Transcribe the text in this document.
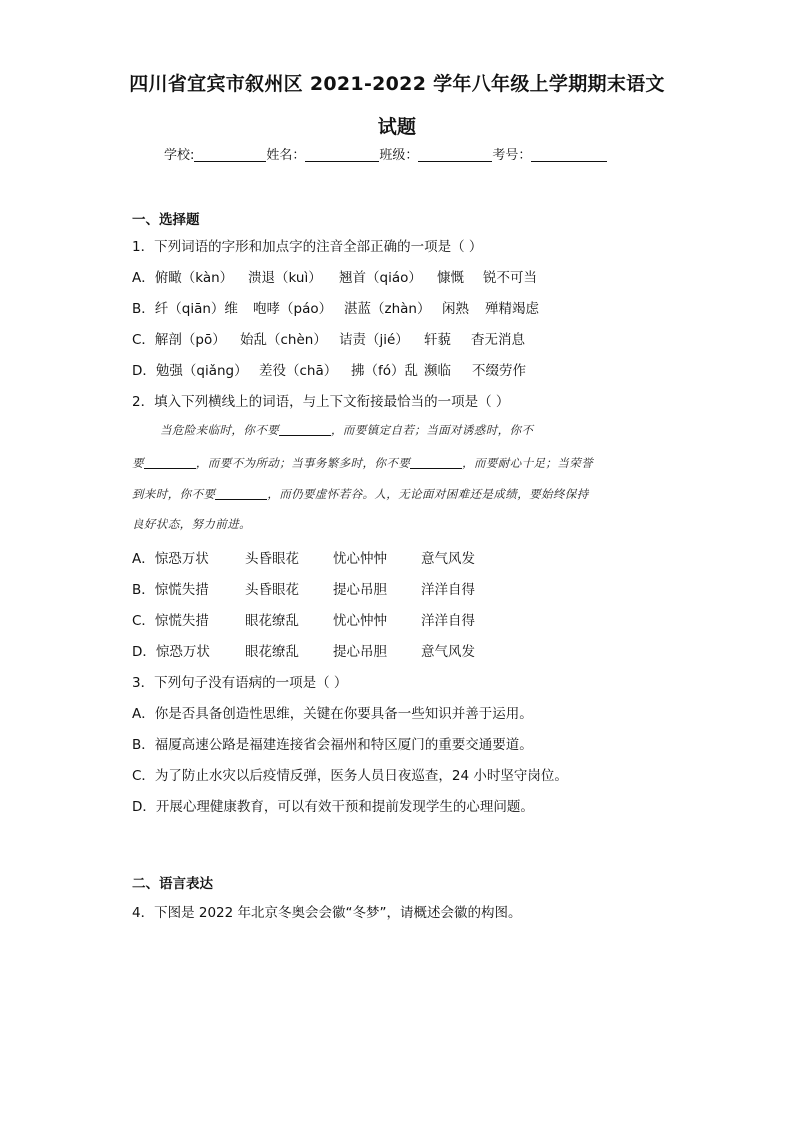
四川省宜宾市叙州区 2021-2022 学年八年级上学期期末语文
试题
学校:	姓名：	班级：	考号：
一、选择题
1．下列词语的字形和加点字的注音全部正确的一项是（ ）
A．俯瞰（kàn） 溃退（kuì） 翘首（qiáo） 慷慨 锐不可当
B．纤（qiān）维 咆哮（páo） 湛蓝（zhàn） 闲熟 殚精竭虑
C．解剖（pō） 始乱（chèn） 诘责（jié） 轩藐 杳无消息
D．勉强（qiǎng） 差役（chā） 拂（fó）乱 濒临 不缀劳作
2．填入下列横线上的词语，与上下文衔接最恰当的一项是（ ）
当危险来临时，你不要	，而要镇定自若；当面对诱惑时，你不
要	，而要不为所动；当事务繁多时，你不要	，而要耐心十足；当荣誉
到来时，你不要	，而仍要虚怀若谷。人，无论面对困难还是成绩，要始终保持
良好状态，努力前进。
A．惊恐万状	头昏眼花	忧心忡忡	意气风发
B．惊慌失措	头昏眼花	提心吊胆	洋洋自得
C．惊慌失措	眼花缭乱	忧心忡忡	洋洋自得
D．惊恐万状	眼花缭乱	提心吊胆	意气风发
3．下列句子没有语病的一项是（ ）
A．你是否具备创造性思维，关键在你要具备一些知识并善于运用。
B．福厦高速公路是福建连接省会福州和特区厦门的重要交通要道。
C．为了防止水灾以后疫情反弹，医务人员日夜巡查，24 小时坚守岗位。
D．开展心理健康教育，可以有效干预和提前发现学生的心理问题。
二、语言表达
4．下图是 2022 年北京冬奥会会徽“冬梦”，请概述会徽的构图。
